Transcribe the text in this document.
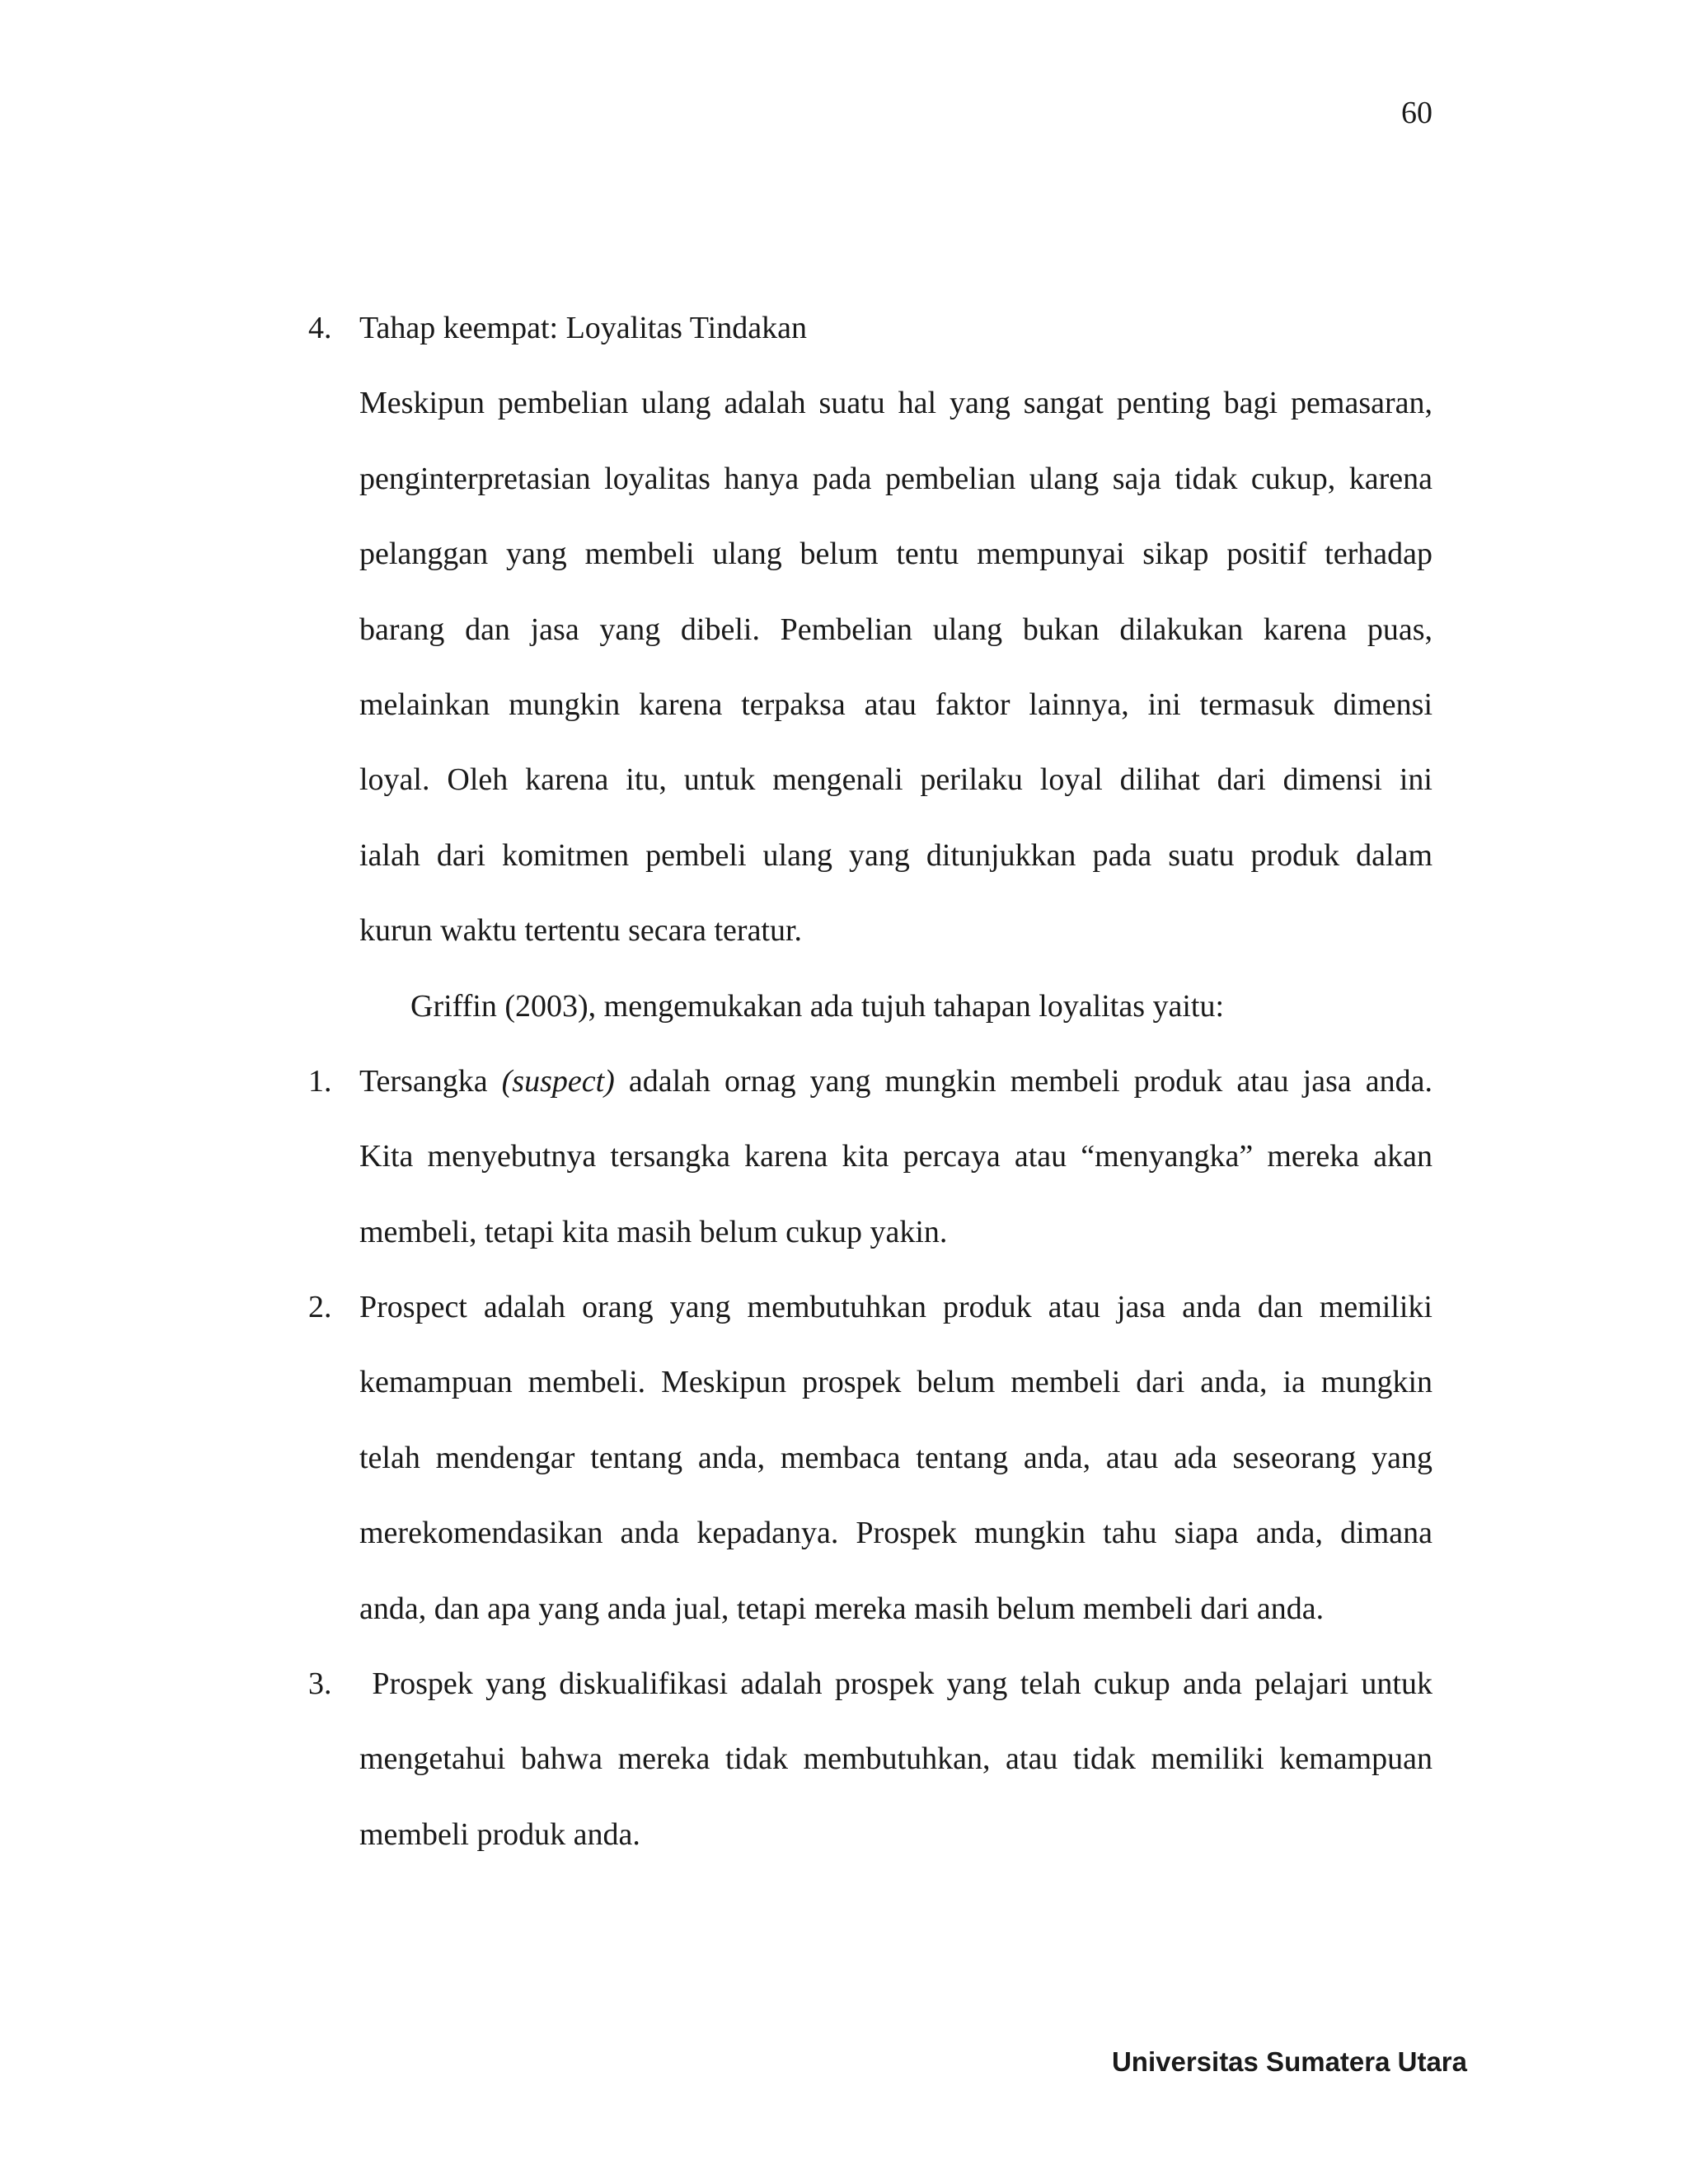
60
4. Tahap keempat: Loyalitas Tindakan
Meskipun pembelian ulang adalah suatu hal yang sangat penting bagi pemasaran,
penginterpretasian loyalitas hanya pada pembelian ulang saja tidak cukup, karena
pelanggan yang membeli ulang belum tentu mempunyai sikap positif terhadap
barang dan jasa yang dibeli. Pembelian ulang bukan dilakukan karena puas,
melainkan mungkin karena terpaksa atau faktor lainnya, ini termasuk dimensi
loyal. Oleh karena itu, untuk mengenali perilaku loyal dilihat dari dimensi ini
ialah dari komitmen pembeli ulang yang ditunjukkan pada suatu produk dalam
kurun waktu tertentu secara teratur.
Griffin (2003), mengemukakan ada tujuh tahapan loyalitas yaitu:
1. Tersangka (suspect) adalah ornag yang mungkin membeli produk atau jasa anda.
Kita menyebutnya tersangka karena kita percaya atau “menyangka” mereka akan
membeli, tetapi kita masih belum cukup yakin.
2. Prospect adalah orang yang membutuhkan produk atau jasa anda dan memiliki
kemampuan membeli. Meskipun prospek belum membeli dari anda, ia mungkin
telah mendengar tentang anda, membaca tentang anda, atau ada seseorang yang
merekomendasikan anda kepadanya. Prospek mungkin tahu siapa anda, dimana
anda, dan apa yang anda jual, tetapi mereka masih belum membeli dari anda.
3. Prospek yang diskualifikasi adalah prospek yang telah cukup anda pelajari untuk
mengetahui bahwa mereka tidak membutuhkan, atau tidak memiliki kemampuan
membeli produk anda.
Universitas Sumatera Utara
